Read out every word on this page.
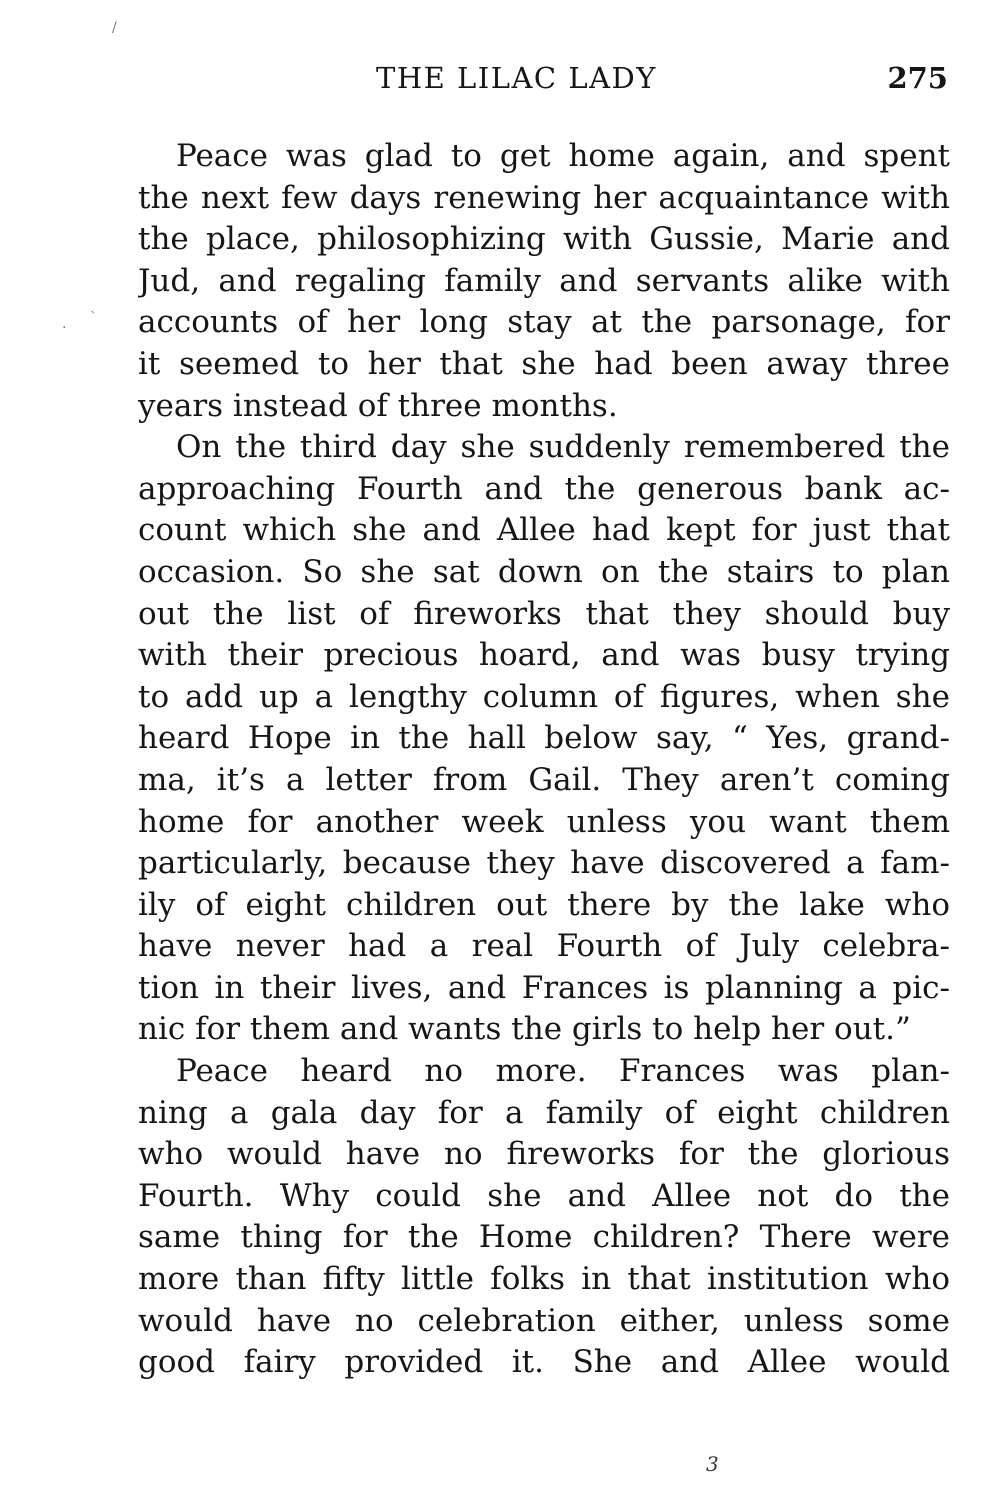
THE LILAC LADY	275
Peace was glad to get home again, and spent
the next few days renewing her acquaintance with
the place, philosophizing with Gussie, Marie and
Jud, and regaling family and servants alike with
accounts of her long stay at the parsonage, for
it seemed to her that she had been away three
years instead of three months.
On the third day she suddenly remembered the
approaching Fourth and the generous bank ac-
count which she and Allee had kept for just that
occasion. So she sat down on the stairs to plan
out the list of fireworks that they should buy
with their precious hoard, and was busy trying
to add up a lengthy column of figures, when she
heard Hope in the hall below say, “ Yes, grand-
ma, it’s a letter from Gail. They aren’t coming
home for another week unless you want them
particularly, because they have discovered a fam-
ily of eight children out there by the lake who
have never had a real Fourth of July celebra-
tion in their lives, and Frances is planning a pic-
nic for them and wants the girls to help her out.”
Peace heard no more. Frances was plan-
ning a gala day for a family of eight children
who would have no fireworks for the glorious
Fourth. Why could she and Allee not do the
same thing for the Home children? There were
more than fifty little folks in that institution who
would have no celebration either, unless some
good fairy provided it. She and Allee would
/
·
`
3
